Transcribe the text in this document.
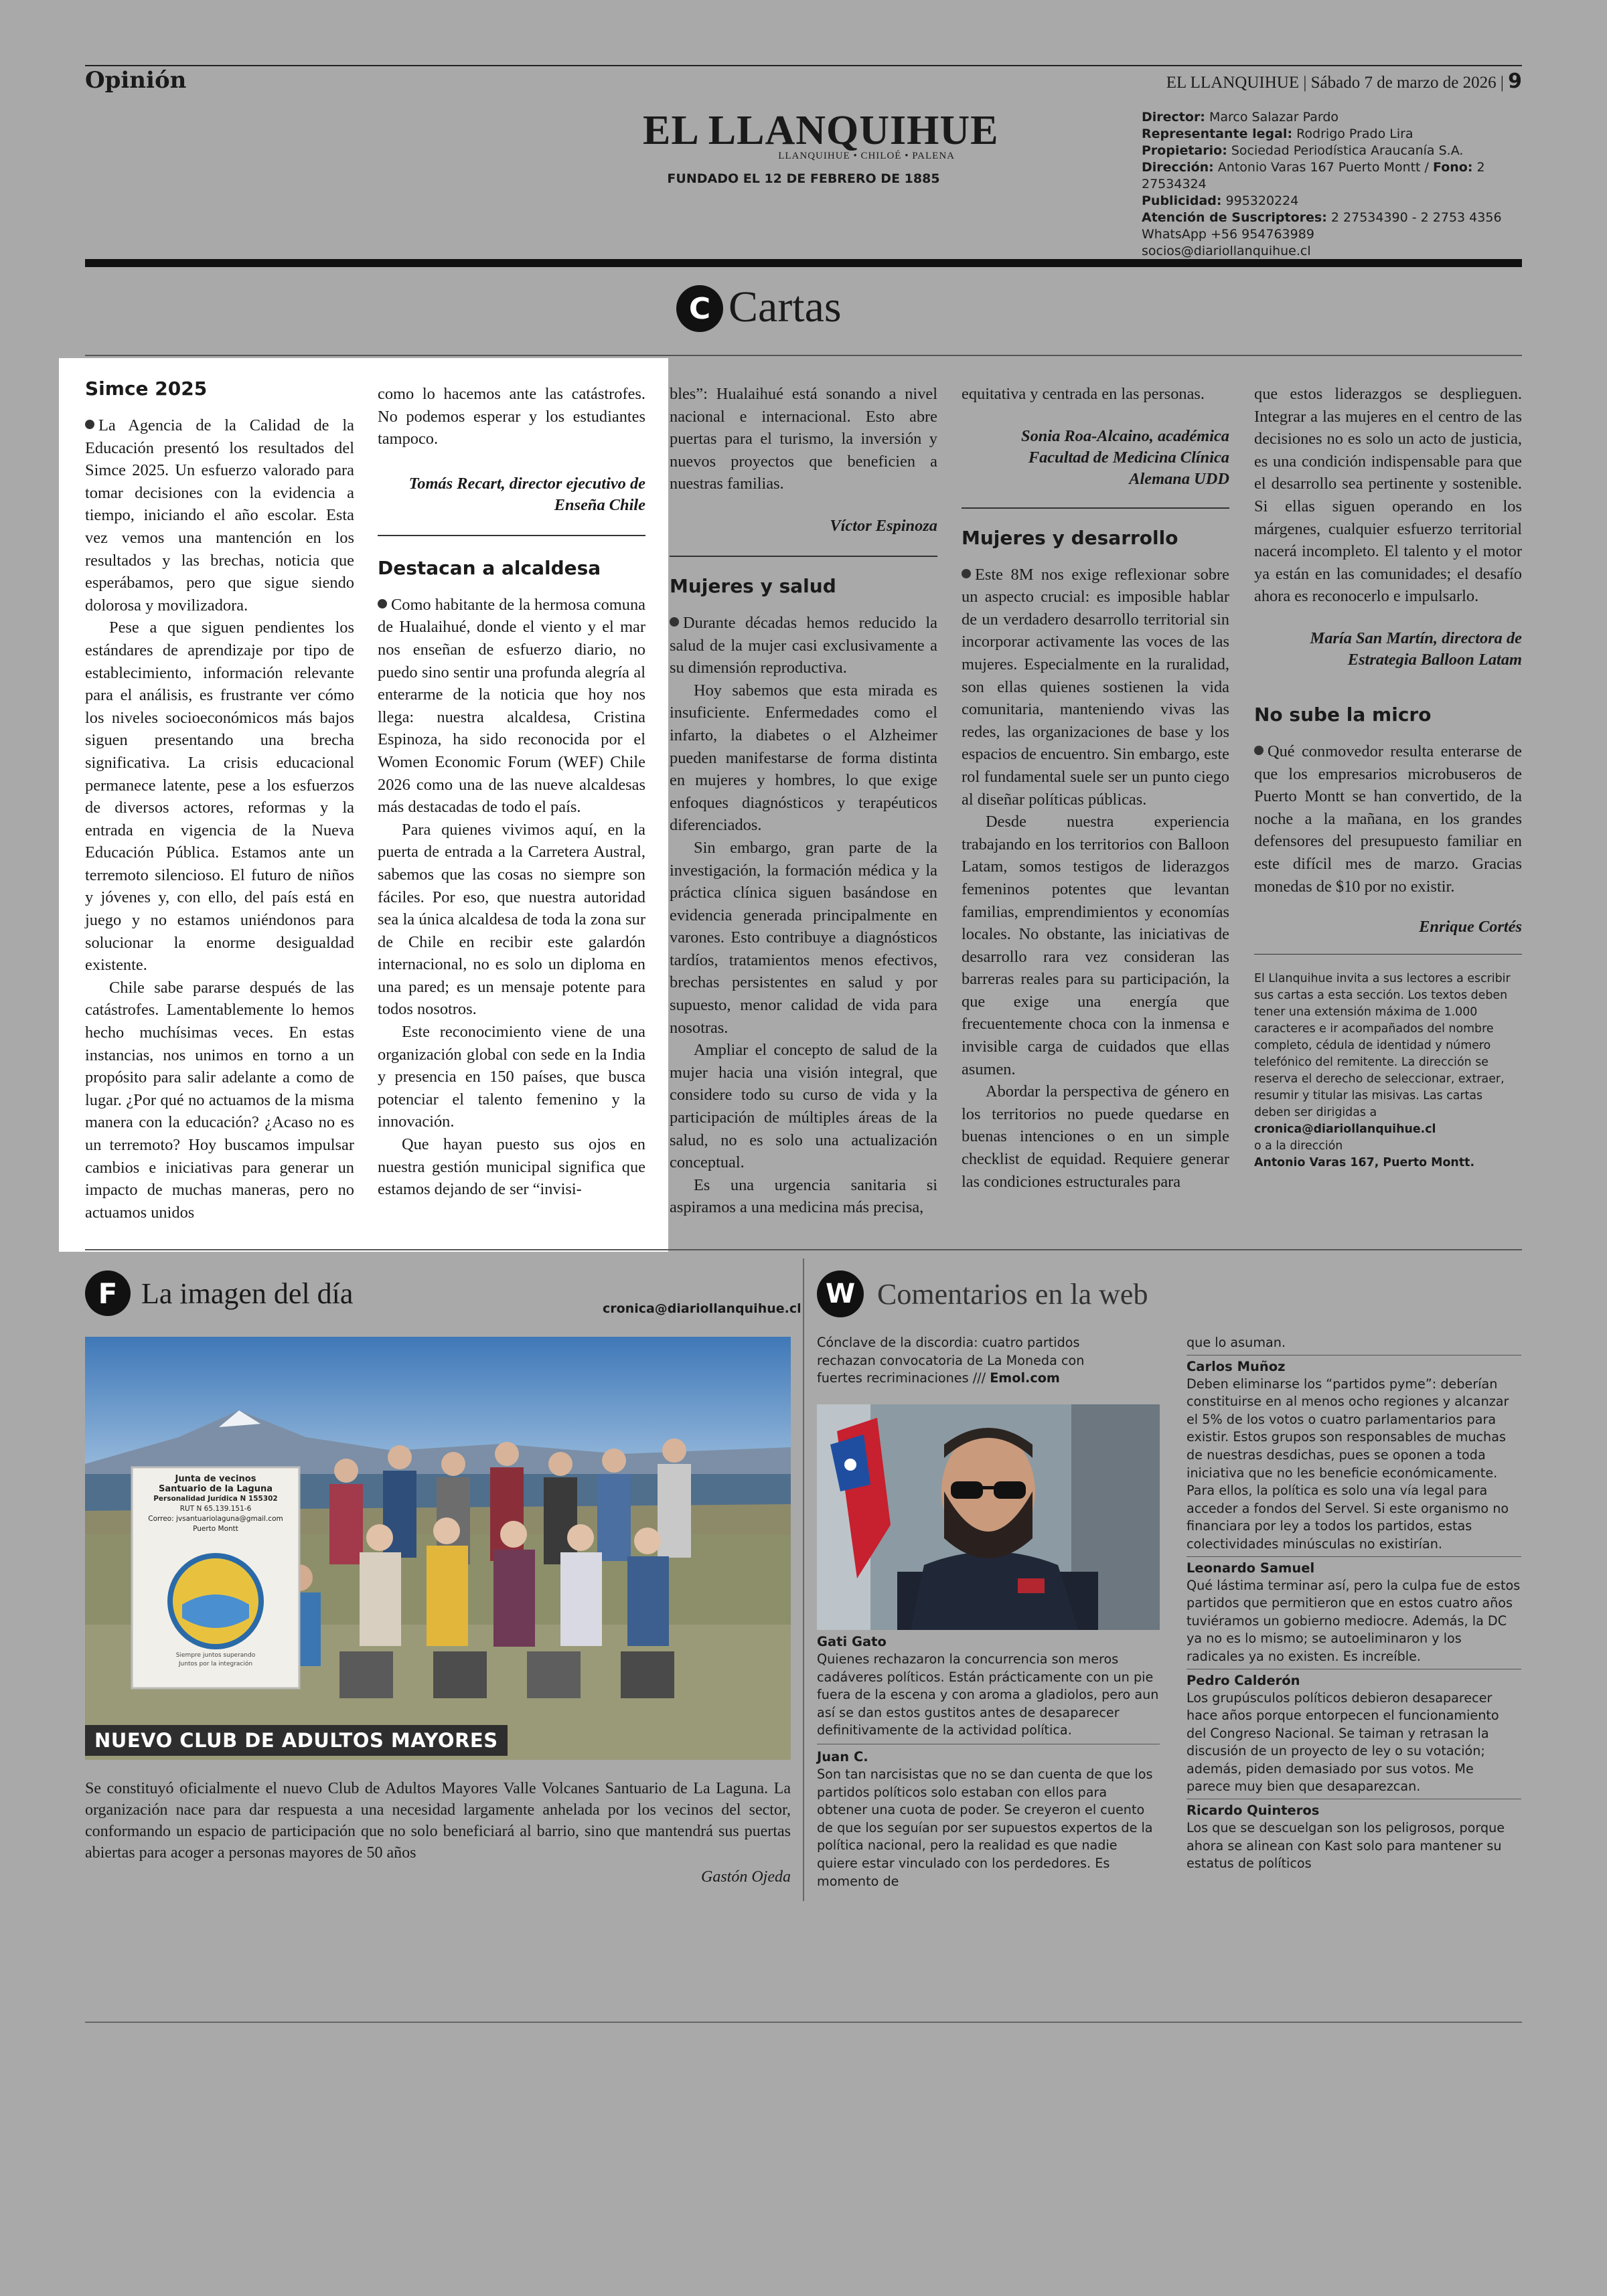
Opinión	EL LLANQUIHUE | Sábado 7 de marzo de 2026 | 9
EL LLANQUIHUE
LLANQUIHUE • CHILOÉ • PALENA
FUNDADO EL 12 DE FEBRERO DE 1885
Director: Marco Salazar Pardo
Representante legal: Rodrigo Prado Lira
Propietario: Sociedad Periodística Araucanía S.A.
Dirección: Antonio Varas 167 Puerto Montt / Fono: 2 27534324
Publicidad: 995320224
Atención de Suscriptores: 2 27534390 - 2 2753 4356
WhatsApp +56 954763989
socios@diariollanquihue.cl
C Cartas
Simce 2025

La Agencia de la Calidad de la Educación presentó los resultados del Simce 2025. Un esfuerzo valorado para tomar decisiones con la evidencia a tiempo, iniciando el año escolar. Esta vez vemos una mantención en los resultados y las brechas, noticia que esperábamos, pero que sigue siendo dolorosa y movilizadora.

Pese a que siguen pendientes los estándares de aprendizaje por tipo de establecimiento, información relevante para el análisis, es frustrante ver cómo los niveles socioeconómicos más bajos siguen presentando una brecha significativa. La crisis educacional permanece latente, pese a los esfuerzos de diversos actores, reformas y la entrada en vigencia de la Nueva Educación Pública. Estamos ante un terremoto silencioso. El futuro de niños y jóvenes y, con ello, del país está en juego y no estamos uniéndonos para solucionar la enorme desigualdad existente.

Chile sabe pararse después de las catástrofes. Lamentablemente lo hemos hecho muchísimas veces. En estas instancias, nos unimos en torno a un propósito para salir adelante a como de lugar. ¿Por qué no actuamos de la misma manera con la educación? ¿Acaso no es un terremoto? Hoy buscamos impulsar cambios e iniciativas para generar un impacto de muchas maneras, pero no actuamos unidos

como lo hacemos ante las catástrofes. No podemos esperar y los estudiantes tampoco.

Tomás Recart, director ejecutivo de Enseña Chile
Destacan a alcaldesa

Como habitante de la hermosa comuna de Hualaihué, donde el viento y el mar nos enseñan de esfuerzo diario, no puedo sino sentir una profunda alegría al enterarme de la noticia que hoy nos llega: nuestra alcaldesa, Cristina Espinoza, ha sido reconocida por el Women Economic Forum (WEF) Chile 2026 como una de las nueve alcaldesas más destacadas de todo el país.

Para quienes vivimos aquí, en la puerta de entrada a la Carretera Austral, sabemos que las cosas no siempre son fáciles. Por eso, que nuestra autoridad sea la única alcaldesa de toda la zona sur de Chile en recibir este galardón internacional, no es solo un diploma en una pared; es un mensaje potente para todos nosotros.

Este reconocimiento viene de una organización global con sede en la India y presencia en 150 países, que busca potenciar el talento femenino y la innovación.

Que hayan puesto sus ojos en nuestra gestión municipal significa que estamos dejando de ser “invisi-

bles”: Hualaihué está sonando a nivel nacional e internacional. Esto abre puertas para el turismo, la inversión y nuevos proyectos que beneficien a nuestras familias.

Víctor Espinoza
Mujeres y salud

Durante décadas hemos reducido la salud de la mujer casi exclusivamente a su dimensión reproductiva.

Hoy sabemos que esta mirada es insuficiente. Enfermedades como el infarto, la diabetes o el Alzheimer pueden manifestarse de forma distinta en mujeres y hombres, lo que exige enfoques diagnósticos y terapéuticos diferenciados.

Sin embargo, gran parte de la investigación, la formación médica y la práctica clínica siguen basándose en evidencia generada principalmente en varones. Esto contribuye a diagnósticos tardíos, tratamientos menos efectivos, brechas persistentes en salud y por supuesto, menor calidad de vida para nosotras.

Ampliar el concepto de salud de la mujer hacia una visión integral, que considere todo su curso de vida y la participación de múltiples áreas de la salud, no es solo una actualización conceptual.

Es una urgencia sanitaria si aspiramos a una medicina más precisa,

equitativa y centrada en las personas.

Sonia Roa-Alcaino, académica Facultad de Medicina Clínica Alemana UDD
Mujeres y desarrollo

Este 8M nos exige reflexionar sobre un aspecto crucial: es imposible hablar de un verdadero desarrollo territorial sin incorporar activamente las voces de las mujeres. Especialmente en la ruralidad, son ellas quienes sostienen la vida comunitaria, manteniendo vivas las redes, las organizaciones de base y los espacios de encuentro. Sin embargo, este rol fundamental suele ser un punto ciego al diseñar políticas públicas.

Desde nuestra experiencia trabajando en los territorios con Balloon Latam, somos testigos de liderazgos femeninos potentes que levantan familias, emprendimientos y economías locales. No obstante, las iniciativas de desarrollo rara vez consideran las barreras reales para su participación, la que exige una energía que frecuentemente choca con la inmensa e invisible carga de cuidados que ellas asumen.

Abordar la perspectiva de género en los territorios no puede quedarse en buenas intenciones o en un simple checklist de equidad. Requiere generar las condiciones estructurales para

que estos liderazgos se desplieguen. Integrar a las mujeres en el centro de las decisiones no es solo un acto de justicia, es una condición indispensable para que el desarrollo sea pertinente y sostenible. Si ellas siguen operando en los márgenes, cualquier esfuerzo territorial nacerá incompleto. El talento y el motor ya están en las comunidades; el desafío ahora es reconocerlo e impulsarlo.

María San Martín, directora de Estrategia Balloon Latam
No sube la micro

Qué conmovedor resulta enterarse de que los empresarios microbuseros de Puerto Montt se han convertido, de la noche a la mañana, en los grandes defensores del presupuesto familiar en este difícil mes de marzo. Gracias monedas de $10 por no existir.

Enrique Cortés
El Llanquihue invita a sus lectores a escribir sus cartas a esta sección. Los textos deben tener una extensión máxima de 1.000 caracteres e ir acompañados del nombre completo, cédula de identidad y número telefónico del remitente. La dirección se reserva el derecho de seleccionar, extraer, resumir y titular las misivas. Las cartas deben ser dirigidas a
cronica@diariollanquihue.cl
o a la dirección
Antonio Varas 167, Puerto Montt.
F La imagen del día	cronica@diariollanquihue.cl
Junta de vecinos
Santuario de la Laguna
Personalidad Jurídica N 155302
RUT N 65.139.151-6
Correo: jvsantuariolaguna@gmail.com
Puerto Montt
Siempre juntos superando
Juntos por la integración
NUEVO CLUB DE ADULTOS MAYORES
Se constituyó oficialmente el nuevo Club de Adultos Mayores Valle Volcanes Santuario de La Laguna. La organización nace para dar respuesta a una necesidad largamente anhelada por los vecinos del sector, conformando un espacio de participación que no solo beneficiará al barrio, sino que mantendrá sus puertas abiertas para acoger a personas mayores de 50 años
Gastón Ojeda
W Comentarios en la web
Cónclave de la discordia: cuatro partidos rechazan convocatoria de La Moneda con fuertes recriminaciones /// Emol.com
Gati Gato
Quienes rechazaron la concurrencia son meros cadáveres políticos. Están prácticamente con un pie fuera de la escena y con aroma a gladiolos, pero aun así se dan estos gustitos antes de desaparecer definitivamente de la actividad política.
Juan C.
Son tan narcisistas que no se dan cuenta de que los partidos políticos solo estaban con ellos para obtener una cuota de poder. Se creyeron el cuento de que los seguían por ser supuestos expertos de la política nacional, pero la realidad es que nadie quiere estar vinculado con los perdedores. Es momento de
que lo asuman.
Carlos Muñoz
Deben eliminarse los “partidos pyme”: deberían constituirse en al menos ocho regiones y alcanzar el 5% de los votos o cuatro parlamentarios para existir. Estos grupos son responsables de muchas de nuestras desdichas, pues se oponen a toda iniciativa que no les beneficie económicamente. Para ellos, la política es solo una vía legal para acceder a fondos del Servel. Si este organismo no financiara por ley a todos los partidos, estas colectividades minúsculas no existirían.
Leonardo Samuel
Qué lástima terminar así, pero la culpa fue de estos partidos que permitieron que en estos cuatro años tuviéramos un gobierno mediocre. Además, la DC ya no es lo mismo; se autoeliminaron y los radicales ya no existen. Es increíble.
Pedro Calderón
Los grupúsculos políticos debieron desaparecer hace años porque entorpecen el funcionamiento del Congreso Nacional. Se taiman y retrasan la discusión de un proyecto de ley o su votación; además, piden demasiado por sus votos. Me parece muy bien que desaparezcan.
Ricardo Quinteros
Los que se descuelgan son los peligrosos, porque ahora se alinean con Kast solo para mantener su estatus de políticos
